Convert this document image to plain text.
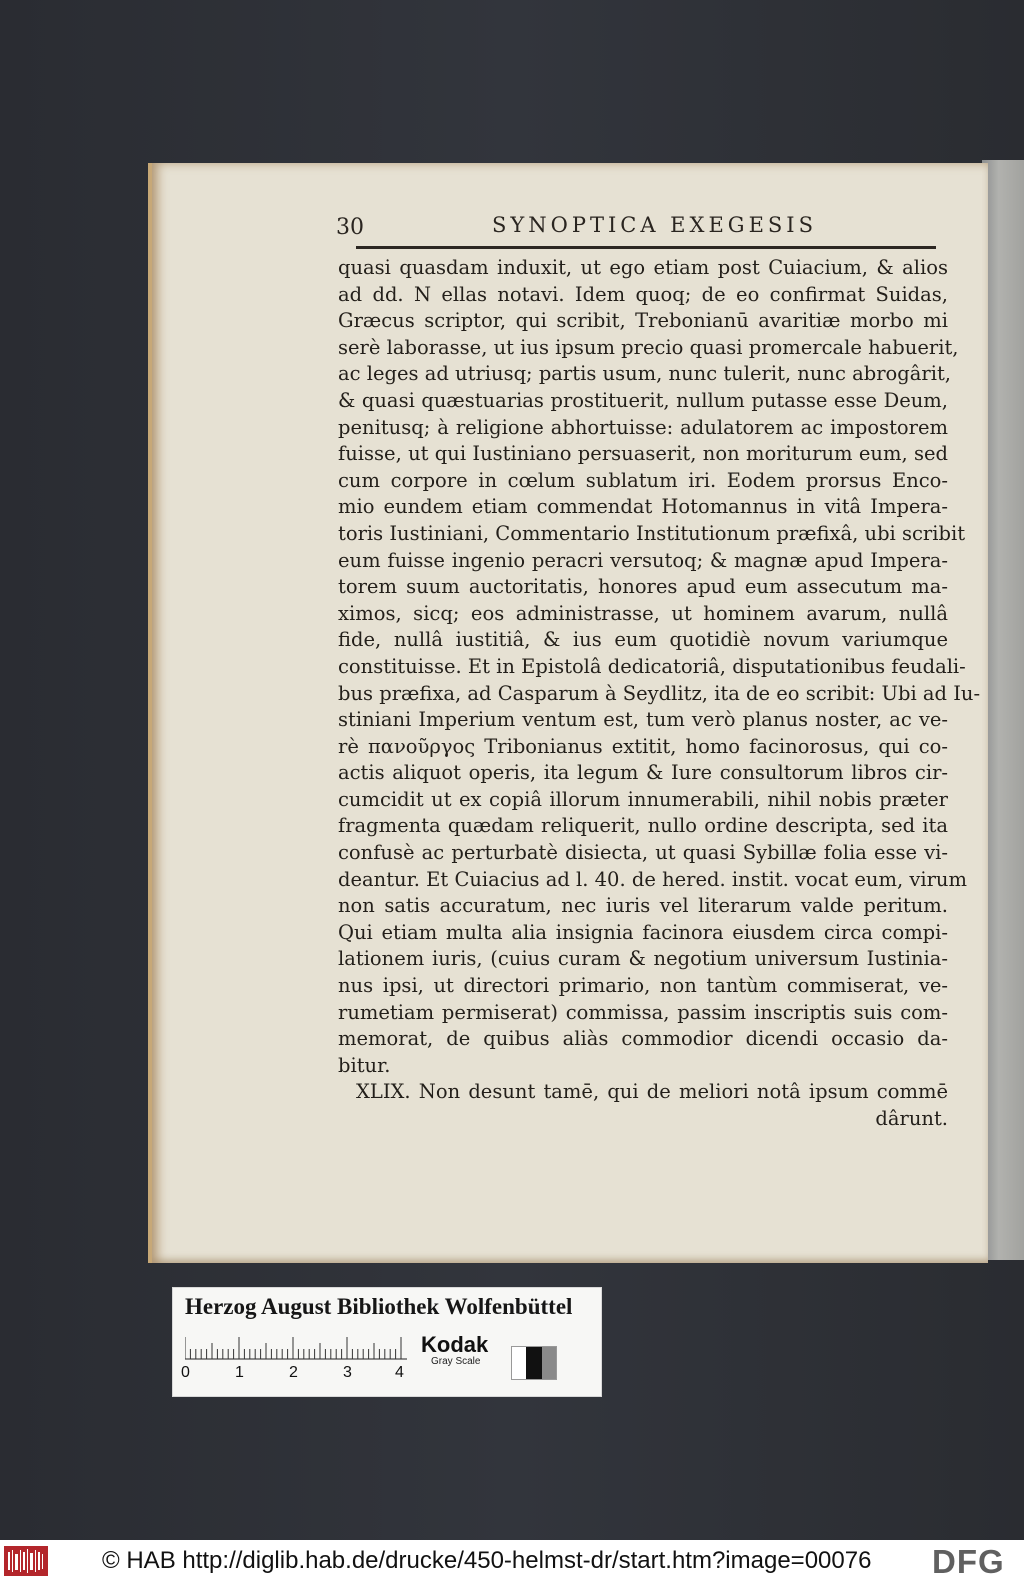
30	SYNOPTICA EXEGESIS
quasi quasdam induxit, ut ego etiam post Cuiacium, & alios
ad dd. N ellas notavi. Idem quoq; de eo confirmat Suidas,
Græcus scriptor, qui scribit, Trebonianū avaritiæ morbo mi
serè laborasse, ut ius ipsum precio quasi promercale habuerit,
ac leges ad utriusq; partis usum, nunc tulerit, nunc abrogârit,
& quasi quæstuarias prostituerit, nullum putasse esse Deum,
penitusq; à religione abhortuisse: adulatorem ac impostorem
fuisse, ut qui Iustiniano persuaserit, non moriturum eum, sed
cum corpore in cœlum sublatum iri. Eodem prorsus Enco-
mio eundem etiam commendat Hotomannus in vitâ Impera-
toris Iustiniani, Commentario Institutionum præfixâ, ubi scribit
eum fuisse ingenio peracri versutoq; & magnæ apud Impera-
torem suum auctoritatis, honores apud eum assecutum ma-
ximos, sicq; eos administrasse, ut hominem avarum, nullâ
fide, nullâ iustitiâ, & ius eum quotidiè novum variumque
constituisse. Et in Epistolâ dedicatoriâ, disputationibus feudali-
bus præfixa, ad Casparum à Seydlitz, ita de eo scribit: Ubi ad Iu-
stiniani Imperium ventum est, tum verò planus noster, ac ve-
rè πανοῦργος Tribonianus extitit, homo facinorosus, qui co-
actis aliquot operis, ita legum & Iure consultorum libros cir-
cumcidit ut ex copiâ illorum innumerabili, nihil nobis præter
fragmenta quædam reliquerit, nullo ordine descripta, sed ita
confusè ac perturbatè disiecta, ut quasi Sybillæ folia esse vi-
deantur. Et Cuiacius ad l. 40. de hered. instit. vocat eum, virum
non satis accuratum, nec iuris vel literarum valde peritum.
Qui etiam multa alia insignia facinora eiusdem circa compi-
lationem iuris, (cuius curam & negotium universum Iustinia-
nus ipsi, ut directori primario, non tantùm commiserat, ve-
rumetiam permiserat) commissa, passim inscriptis suis com-
memorat, de quibus aliàs commodior dicendi occasio da-
bitur.
XLIX. Non desunt tamē, qui de meliori notâ ipsum commē
dârunt.
Herzog August Bibliothek Wolfenbüttel
0	1	2	3	4
Kodak
Gray Scale
© HAB http://diglib.hab.de/drucke/450-helmst-dr/start.htm?image=00076 DFG
